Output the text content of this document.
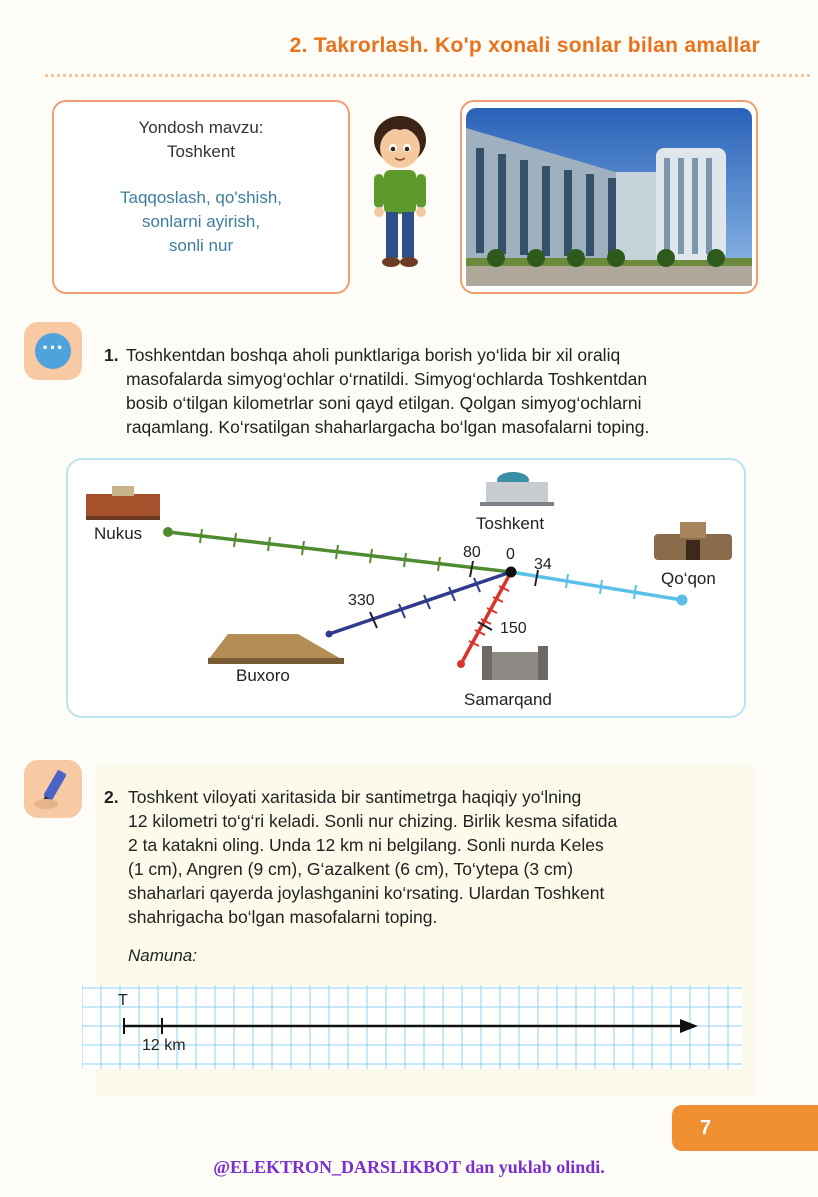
2. Takrorlash. Ko'p xonali sonlar bilan amallar
Yondosh mavzu:
Toshkent
Taqqoslash, qo'shish,
sonlarni ayirish,
sonli nur
···	1. Toshkentdan boshqa aholi punktlariga borish yo‘lida bir xil oraliq
masofalarda simyog‘ochlar o‘rnatildi. Simyog‘ochlarda Toshkentdan
bosib o‘tilgan kilometrlar soni qayd etilgan. Qolgan simyog‘ochlarni
raqamlang. Ko‘rsatilgan shaharlargacha bo‘lgan masofalarni toping.
Nukus
Toshkent
Qo‘qon
Buxoro
Samarqand
0
80
34
330
150
2. Toshkent viloyati xaritasida bir santimetrga haqiqiy yo‘lning
12 kilometri to‘g‘ri keladi. Sonli nur chizing. Birlik kesma sifatida
2 ta katakni oling. Unda 12 km ni belgilang. Sonli nurda Keles
(1 cm), Angren (9 cm), G‘azalkent (6 cm), To‘ytepa (3 cm)
shaharlari qayerda joylashganini ko‘rsating. Ulardan Toshkent
shahrigacha bo‘lgan masofalarni toping.
Namuna:
T
12 km
7
@ELEKTRON_DARSLIKBOT dan yuklab olindi.
